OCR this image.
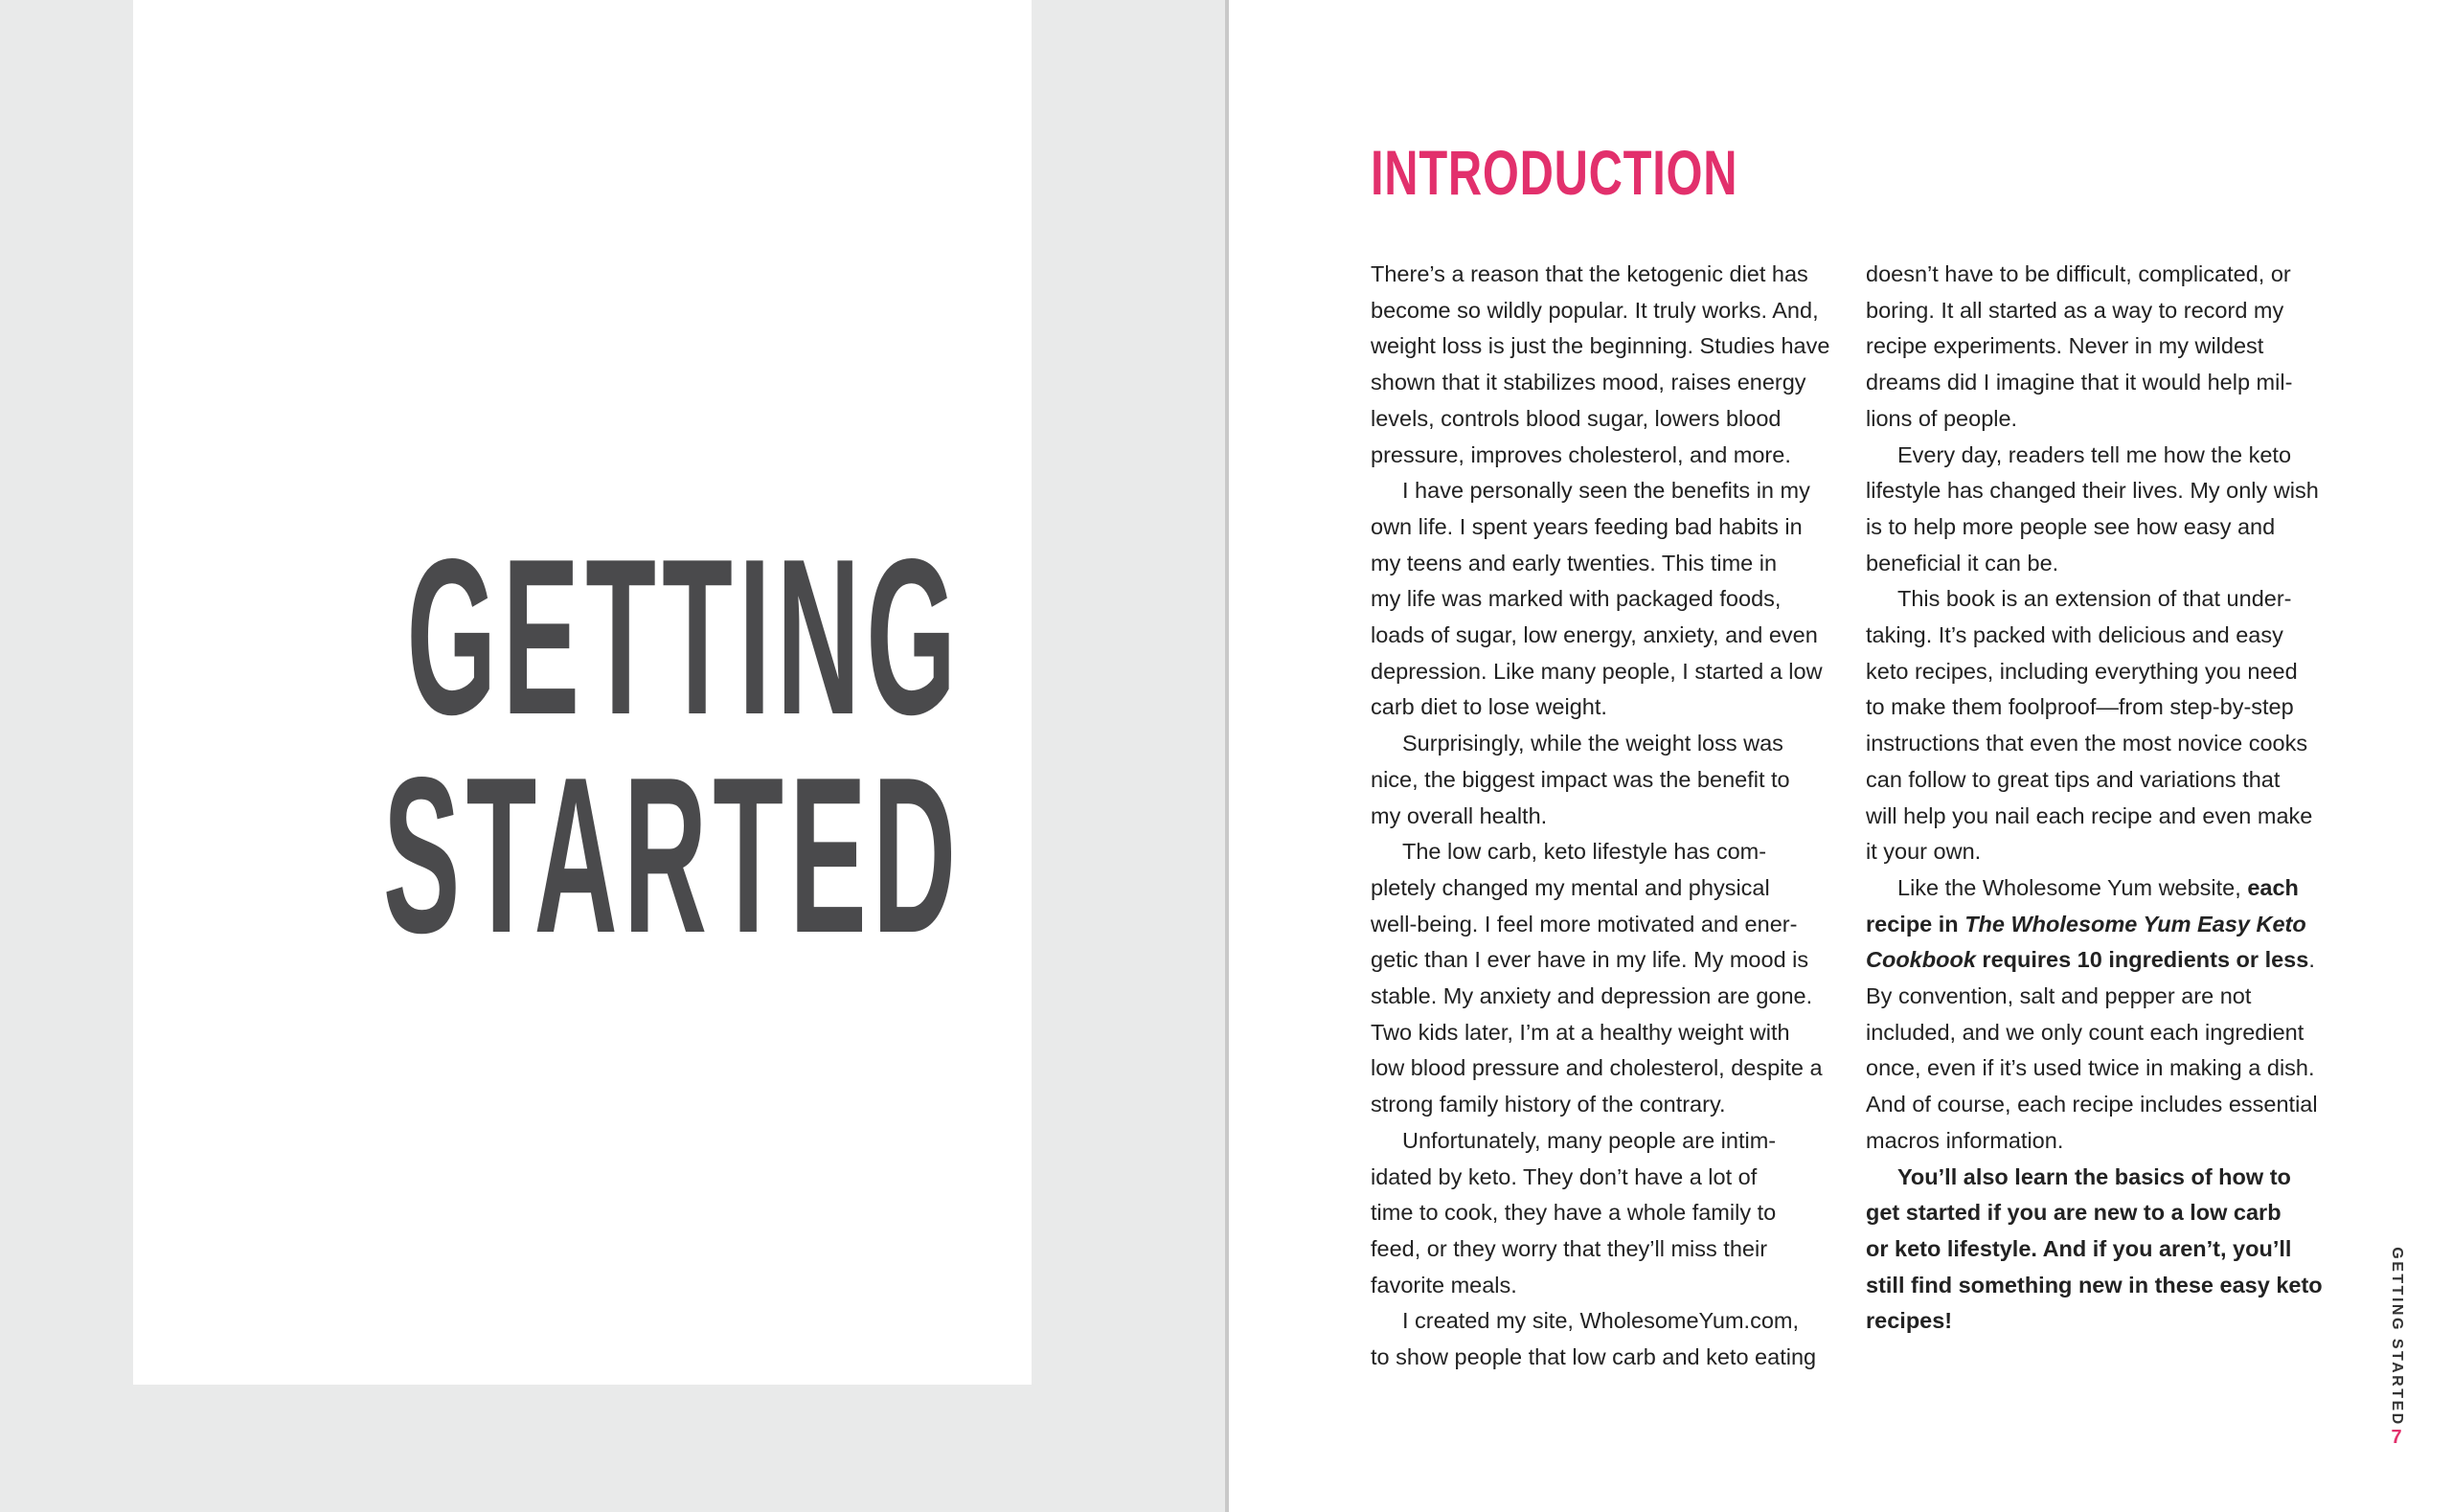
GETTING
STARTED
INTRODUCTION
There’s a reason that the ketogenic diet has
become so wildly popular. It truly works. And,
weight loss is just the beginning. Studies have
shown that it stabilizes mood, raises energy
levels, controls blood sugar, lowers blood
pressure, improves cholesterol, and more.
I have personally seen the benefits in my
own life. I spent years feeding bad habits in
my teens and early twenties. This time in
my life was marked with packaged foods,
loads of sugar, low energy, anxiety, and even
depression. Like many people, I started a low
carb diet to lose weight.
Surprisingly, while the weight loss was
nice, the biggest impact was the benefit to
my overall health.
The low carb, keto lifestyle has com-
pletely changed my mental and physical
well-being. I feel more motivated and ener-
getic than I ever have in my life. My mood is
stable. My anxiety and depression are gone.
Two kids later, I’m at a healthy weight with
low blood pressure and cholesterol, despite a
strong family history of the contrary.
Unfortunately, many people are intim-
idated by keto. They don’t have a lot of
time to cook, they have a whole family to
feed, or they worry that they’ll miss their
favorite meals.
I created my site, WholesomeYum.com,
to show people that low carb and keto eating
doesn’t have to be difficult, complicated, or
boring. It all started as a way to record my
recipe experiments. Never in my wildest
dreams did I imagine that it would help mil-
lions of people.
Every day, readers tell me how the keto
lifestyle has changed their lives. My only wish
is to help more people see how easy and
beneficial it can be.
This book is an extension of that under-
taking. It’s packed with delicious and easy
keto recipes, including everything you need
to make them foolproof—from step-by-step
instructions that even the most novice cooks
can follow to great tips and variations that
will help you nail each recipe and even make
it your own.
Like the Wholesome Yum website, each
recipe in The Wholesome Yum Easy Keto
Cookbook requires 10 ingredients or less.
By convention, salt and pepper are not
included, and we only count each ingredient
once, even if it’s used twice in making a dish.
And of course, each recipe includes essential
macros information.
You’ll also learn the basics of how to
get started if you are new to a low carb
or keto lifestyle. And if you aren’t, you’ll
still find something new in these easy keto
recipes!	GETTING STARTED
7
